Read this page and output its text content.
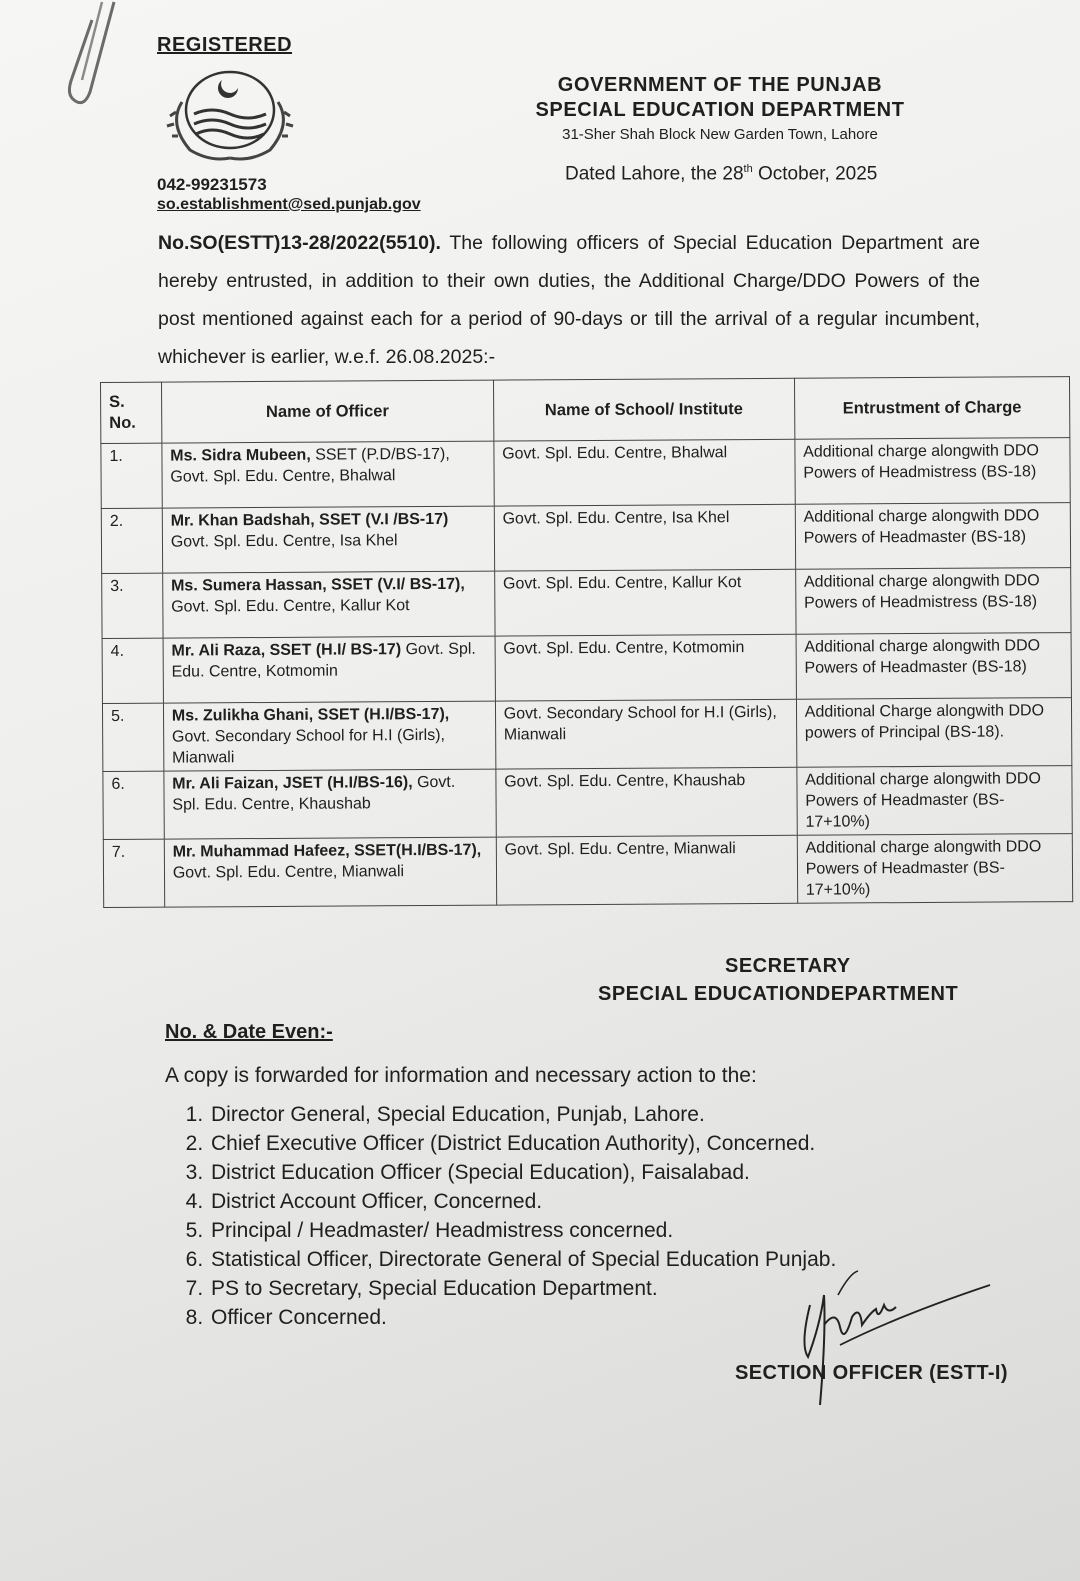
REGISTERED
GOVERNMENT OF THE PUNJAB
SPECIAL EDUCATION DEPARTMENT
31-Sher Shah Block New Garden Town, Lahore
042-99231573
so.establishment@sed.punjab.gov
Dated Lahore, the 28th October, 2025
No.SO(ESTT)13-28/2022(5510). The following officers of Special Education Department are hereby entrusted, in addition to their own duties, the Additional Charge/DDO Powers of the post mentioned against each for a period of 90-days or till the arrival of a regular incumbent, whichever is earlier, w.e.f. 26.08.2025:-
S. No.	Name of Officer	Name of School/ Institute	Entrustment of Charge
1.	Ms. Sidra Mubeen, SSET (P.D/BS-17), Govt. Spl. Edu. Centre, Bhalwal	Govt. Spl. Edu. Centre, Bhalwal	Additional charge alongwith DDO Powers of Headmistress (BS-18)
2.	Mr. Khan Badshah, SSET (V.I /BS-17) Govt. Spl. Edu. Centre, Isa Khel	Govt. Spl. Edu. Centre, Isa Khel	Additional charge alongwith DDO Powers of Headmaster (BS-18)
3.	Ms. Sumera Hassan, SSET (V.I/ BS-17), Govt. Spl. Edu. Centre, Kallur Kot	Govt. Spl. Edu. Centre, Kallur Kot	Additional charge alongwith DDO Powers of Headmistress (BS-18)
4.	Mr. Ali Raza, SSET (H.I/ BS-17) Govt. Spl. Edu. Centre, Kotmomin	Govt. Spl. Edu. Centre, Kotmomin	Additional charge alongwith DDO Powers of Headmaster (BS-18)
5.	Ms. Zulikha Ghani, SSET (H.I/BS-17), Govt. Secondary School for H.I (Girls), Mianwali	Govt. Secondary School for H.I (Girls), Mianwali	Additional Charge alongwith DDO powers of Principal (BS-18).
6.	Mr. Ali Faizan, JSET (H.I/BS-16), Govt. Spl. Edu. Centre, Khaushab	Govt. Spl. Edu. Centre, Khaushab	Additional charge alongwith DDO Powers of Headmaster (BS-17+10%)
7.	Mr. Muhammad Hafeez, SSET(H.I/BS-17), Govt. Spl. Edu. Centre, Mianwali	Govt. Spl. Edu. Centre, Mianwali	Additional charge alongwith DDO Powers of Headmaster (BS-17+10%)
SECRETARY
SPECIAL EDUCATIONDEPARTMENT
No. & Date Even:-
A copy is forwarded for information and necessary action to the:
1. Director General, Special Education, Punjab, Lahore.
2. Chief Executive Officer (District Education Authority), Concerned.
3. District Education Officer (Special Education), Faisalabad.
4. District Account Officer, Concerned.
5. Principal / Headmaster/ Headmistress concerned.
6. Statistical Officer, Directorate General of Special Education Punjab.
7. PS to Secretary, Special Education Department.
8. Officer Concerned.
SECTION OFFICER (ESTT-I)
